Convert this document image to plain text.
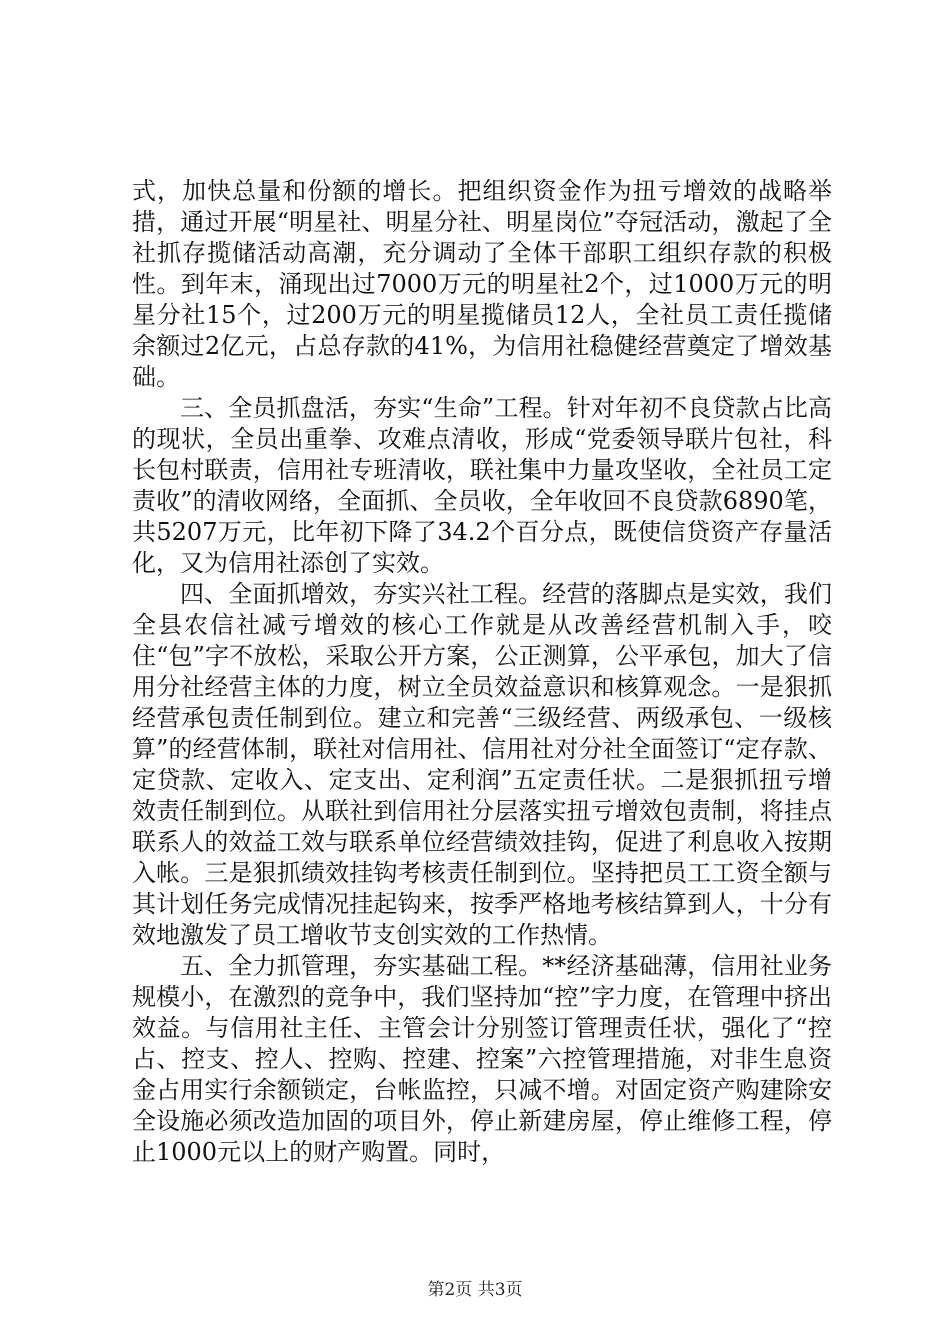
式，加快总量和份额的增长。把组织资金作为扭亏增效的战略举措，通过开展“明星社、明星分社、明星岗位”夺冠活动，激起了全社抓存揽储活动高潮，充分调动了全体干部职工组织存款的积极性。到年末，涌现出过7000万元的明星社2个，过1000万元的明星分社15个，过200万元的明星揽储员12人，全社员工责任揽储余额过2亿元，占总存款的41%，为信用社稳健经营奠定了增效基础。

三、全员抓盘活，夯实“生命”工程。针对年初不良贷款占比高的现状，全员出重拳、攻难点清收，形成“党委领导联片包社，科长包村联责，信用社专班清收，联社集中力量攻坚收，全社员工定责收”的清收网络，全面抓、全员收，全年收回不良贷款6890笔，共5207万元，比年初下降了34.2个百分点，既使信贷资产存量活化，又为信用社添创了实效。

四、全面抓增效，夯实兴社工程。经营的落脚点是实效，我们全县农信社减亏增效的核心工作就是从改善经营机制入手，咬住“包”字不放松，采取公开方案，公正测算，公平承包，加大了信用分社经营主体的力度，树立全员效益意识和核算观念。一是狠抓经营承包责任制到位。建立和完善“三级经营、两级承包、一级核算”的经营体制，联社对信用社、信用社对分社全面签订“定存款、定贷款、定收入、定支出、定利润”五定责任状。二是狠抓扭亏增效责任制到位。从联社到信用社分层落实扭亏增效包责制，将挂点联系人的效益工效与联系单位经营绩效挂钩，促进了利息收入按期入帐。三是狠抓绩效挂钩考核责任制到位。坚持把员工工资全额与其计划任务完成情况挂起钩来，按季严格地考核结算到人，十分有效地激发了员工增收节支创实效的工作热情。

五、全力抓管理，夯实基础工程。**经济基础薄，信用社业务规模小，在激烈的竞争中，我们坚持加“控”字力度，在管理中挤出效益。与信用社主任、主管会计分别签订管理责任状，强化了“控占、控支、控人、控购、控建、控案”六控管理措施，对非生息资金占用实行余额锁定，台帐监控，只减不增。对固定资产购建除安全设施必须改造加固的项目外，停止新建房屋，停止维修工程，停止1000元以上的财产购置。同时，

第2页 共3页
